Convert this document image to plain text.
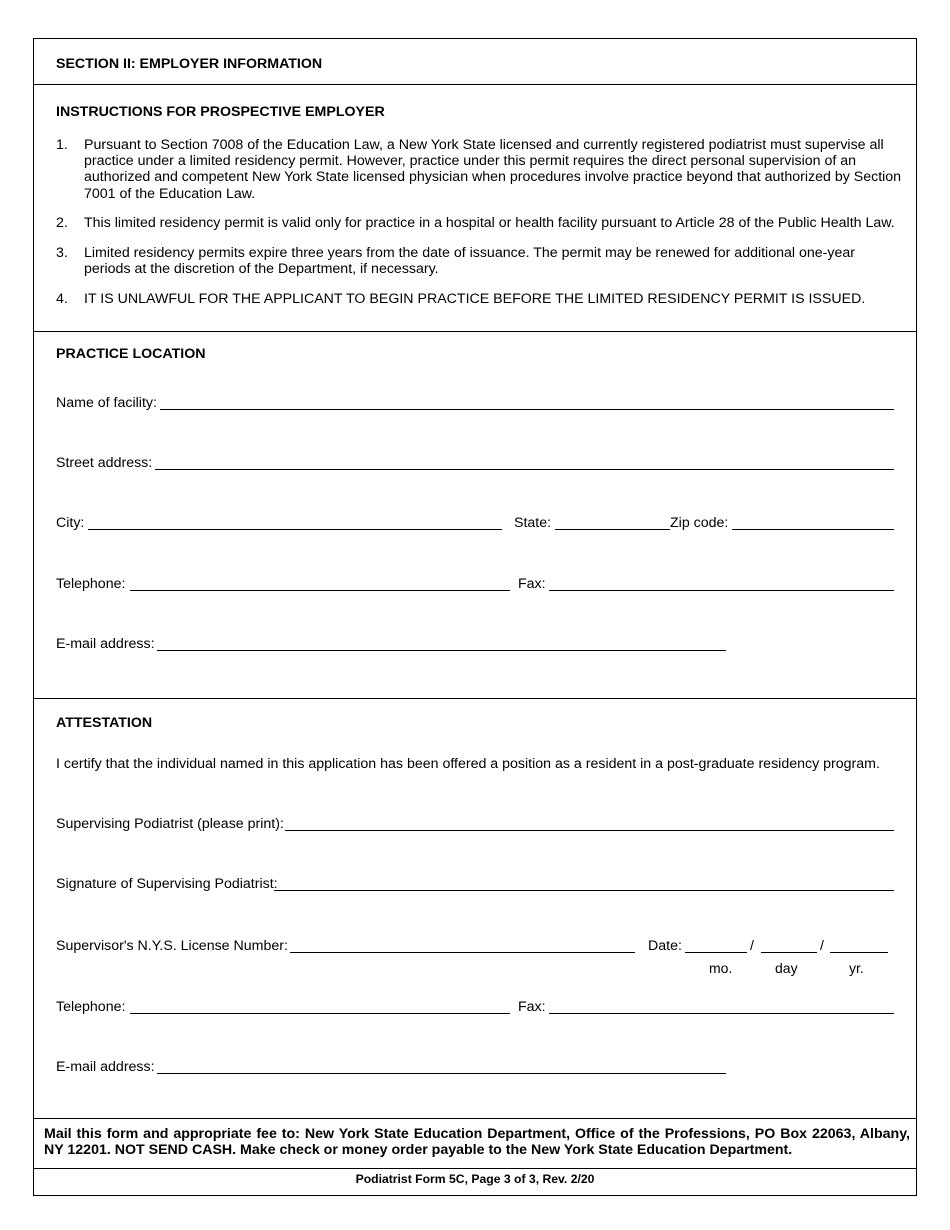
SECTION II: EMPLOYER INFORMATION
INSTRUCTIONS FOR PROSPECTIVE EMPLOYER
1. Pursuant to Section 7008 of the Education Law, a New York State licensed and currently registered podiatrist must supervise all practice under a limited residency permit. However, practice under this permit requires the direct personal supervision of an authorized and competent New York State licensed physician when procedures involve practice beyond that authorized by Section 7001 of the Education Law.
2. This limited residency permit is valid only for practice in a hospital or health facility pursuant to Article 28 of the Public Health Law.
3. Limited residency permits expire three years from the date of issuance. The permit may be renewed for additional one-year periods at the discretion of the Department, if necessary.
4. IT IS UNLAWFUL FOR THE APPLICANT TO BEGIN PRACTICE BEFORE THE LIMITED RESIDENCY PERMIT IS ISSUED.
PRACTICE LOCATION
Name of facility:
Street address:
City:	State:	Zip code:
Telephone:	Fax:
E-mail address:
ATTESTATION
I certify that the individual named in this application has been offered a position as a resident in a post-graduate residency program.
Supervising Podiatrist (please print):
Signature of Supervising Podiatrist:
Supervisor's N.Y.S. License Number:	Date:	/	/
mo.	day	yr.
Telephone:	Fax:
E-mail address:
Mail this form and appropriate fee to: New York State Education Department, Office of the Professions, PO Box 22063, Albany, NY 12201. NOT SEND CASH. Make check or money order payable to the New York State Education Department.
Podiatrist Form 5C, Page 3 of 3, Rev. 2/20
